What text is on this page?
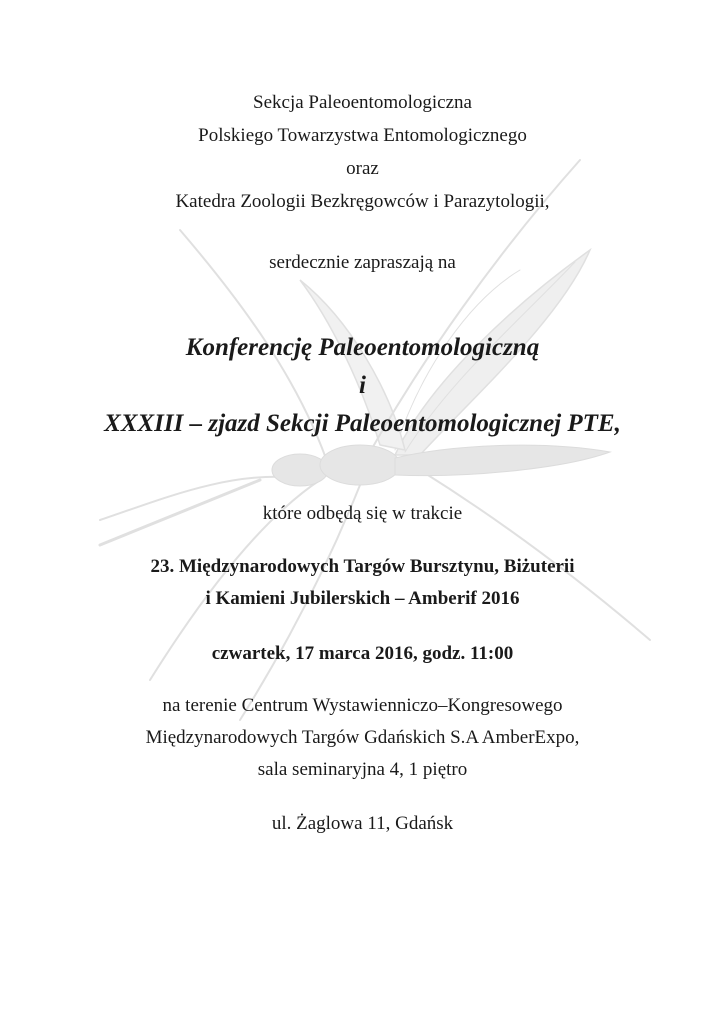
Sekcja Paleoentomologiczna
Polskiego Towarzystwa Entomologicznego
oraz
Katedra Zoologii Bezkręgowców i Parazytologii,
serdecznie zapraszają na
Konferencję Paleoentomologiczną
i
XXXIII – zjazd Sekcji Paleoentomologicznej PTE,
które odbędą się w trakcie
23. Międzynarodowych Targów Bursztynu, Biżuterii
i Kamieni Jubilerskich – Amberif 2016
czwartek, 17 marca 2016, godz. 11:00
na terenie Centrum Wystawienniczo–Kongresowego
Międzynarodowych Targów Gdańskich S.A AmberExpo,
sala seminaryjna 4, 1 piętro
ul. Żaglowa 11, Gdańsk
